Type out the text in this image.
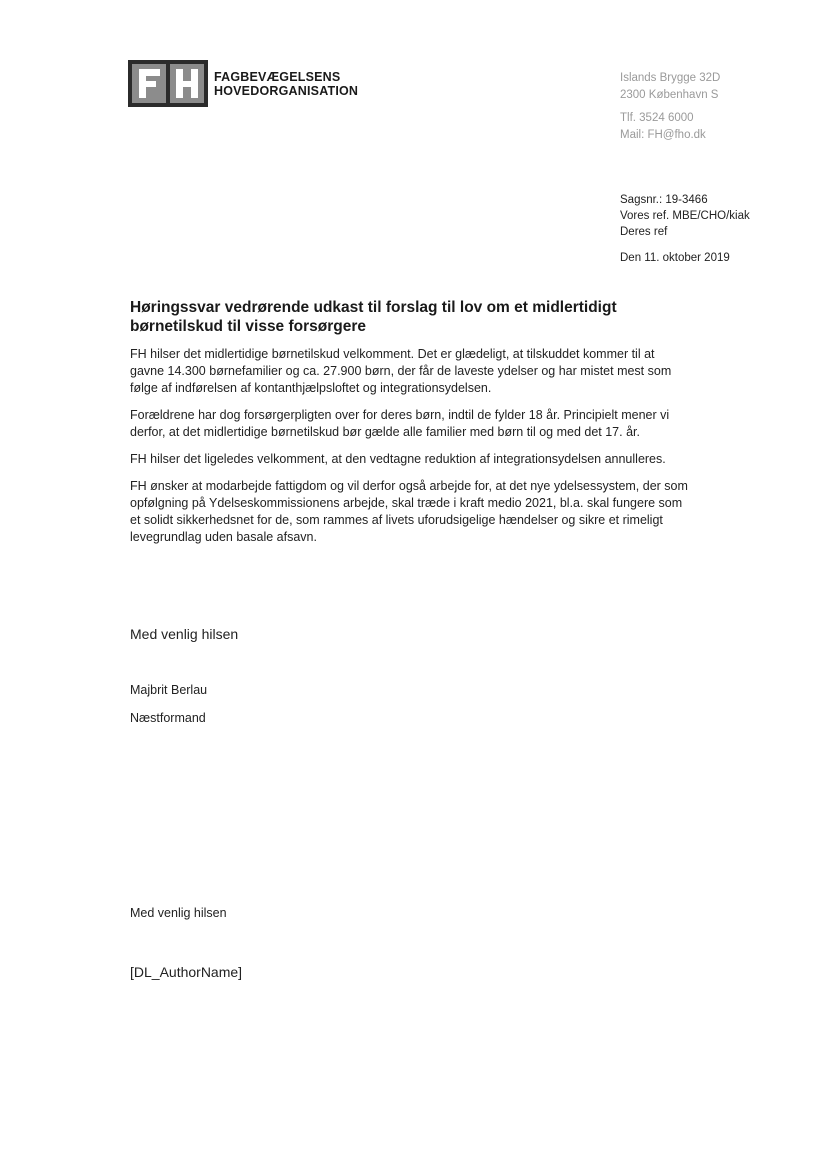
FAGBEVÆGELSENS
HOVEDORGANISATION
Islands Brygge 32D
2300 København S
Tlf. 3524 6000
Mail: FH@fho.dk
Sagsnr.: 19-3466
Vores ref. MBE/CHO/kiak
Deres ref
Den 11. oktober 2019
Høringssvar vedrørende udkast til forslag til lov om et midlertidigt børnetilskud til visse forsørgere

FH hilser det midlertidige børnetilskud velkomment. Det er glædeligt, at tilskuddet kommer til at gavne 14.300 børnefamilier og ca. 27.900 børn, der får de laveste ydelser og har mistet mest som følge af indførelsen af kontanthjælpsloftet og integrationsydelsen.

Forældrene har dog forsørgerpligten over for deres børn, indtil de fylder 18 år. Principielt mener vi derfor, at det midlertidige børnetilskud bør gælde alle familier med børn til og med det 17. år.

FH hilser det ligeledes velkomment, at den vedtagne reduktion af integrationsydelsen annulleres.

FH ønsker at modarbejde fattigdom og vil derfor også arbejde for, at det nye ydelsessystem, der som opfølgning på Ydelseskommissionens arbejde, skal træde i kraft medio 2021, bl.a. skal fungere som et solidt sikkerhedsnet for de, som rammes af livets uforudsigelige hændelser og sikre et rimeligt levegrundlag uden basale afsavn.

Med venlig hilsen
Majbrit Berlau
Næstformand
Med venlig hilsen
[DL_AuthorName]
